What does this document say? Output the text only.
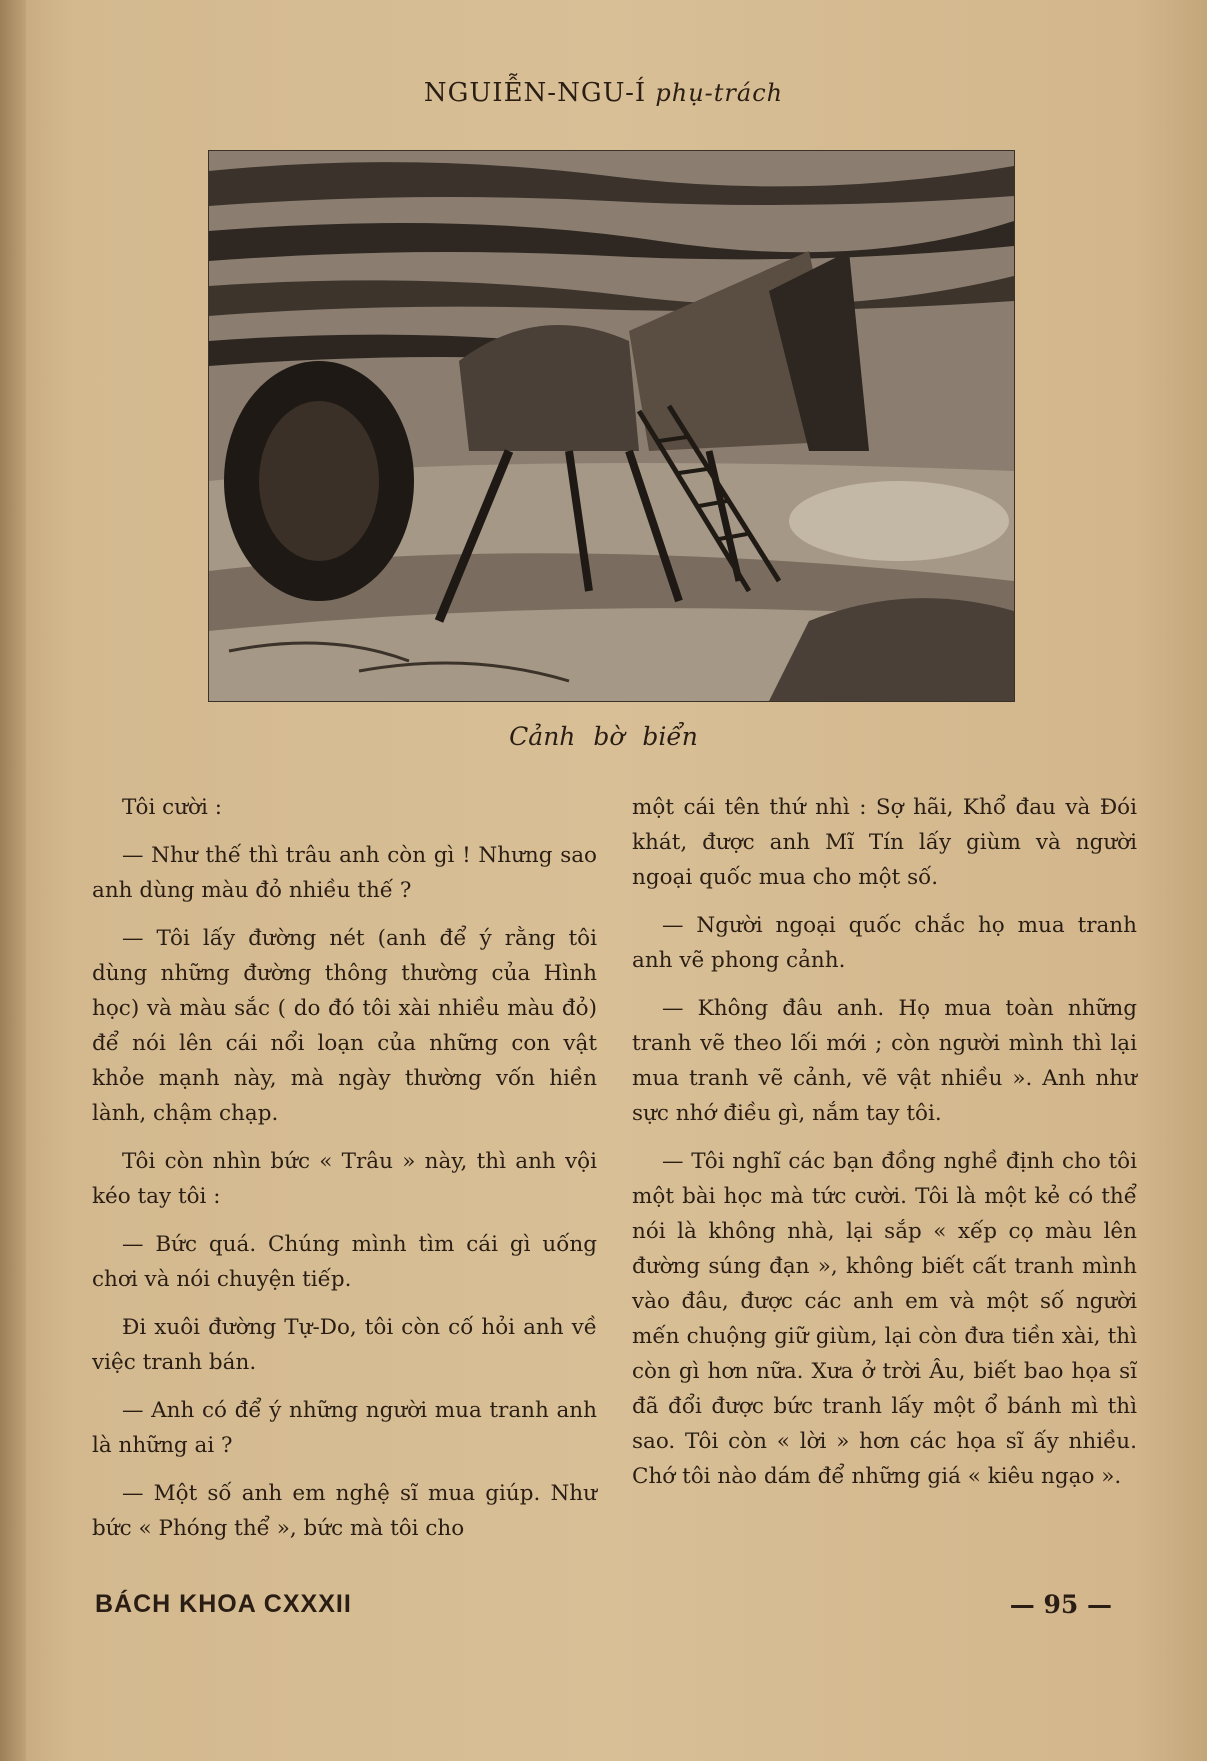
NGUIỄN-NGU-Í phụ-trách
Cảnh bờ biển

Tôi cười :

— Như thế thì trâu anh còn gì ! Nhưng sao anh dùng màu đỏ nhiều thế ?

— Tôi lấy đường nét (anh để ý rằng tôi dùng những đường thông thường của Hình học) và màu sắc ( do đó tôi xài nhiều màu đỏ) để nói lên cái nổi loạn của những con vật khỏe mạnh này, mà ngày thường vốn hiền lành, chậm chạp.

Tôi còn nhìn bức « Trâu » này, thì anh vội kéo tay tôi :

— Bức quá. Chúng mình tìm cái gì uống chơi và nói chuyện tiếp.

Đi xuôi đường Tự-Do, tôi còn cố hỏi anh về việc tranh bán.

— Anh có để ý những người mua tranh anh là những ai ?

— Một số anh em nghệ sĩ mua giúp. Như bức « Phóng thể », bức mà tôi cho

một cái tên thứ nhì : Sợ hãi, Khổ đau và Đói khát, được anh Mĩ Tín lấy giùm và người ngoại quốc mua cho một số.

— Người ngoại quốc chắc họ mua tranh anh vẽ phong cảnh.

— Không đâu anh. Họ mua toàn những tranh vẽ theo lối mới ; còn người mình thì lại mua tranh vẽ cảnh, vẽ vật nhiều ». Anh như sực nhớ điều gì, nắm tay tôi.

— Tôi nghĩ các bạn đồng nghề định cho tôi một bài học mà tức cười. Tôi là một kẻ có thể nói là không nhà, lại sắp « xếp cọ màu lên đường súng đạn », không biết cất tranh mình vào đâu, được các anh em và một số người mến chuộng giữ giùm, lại còn đưa tiền xài, thì còn gì hơn nữa. Xưa ở trời Âu, biết bao họa sĩ đã đổi được bức tranh lấy một ổ bánh mì thì sao. Tôi còn « lời » hơn các họa sĩ ấy nhiều. Chớ tôi nào dám để những giá « kiêu ngạo ».

BÁCH KHOA CXXXII	— 95 —
